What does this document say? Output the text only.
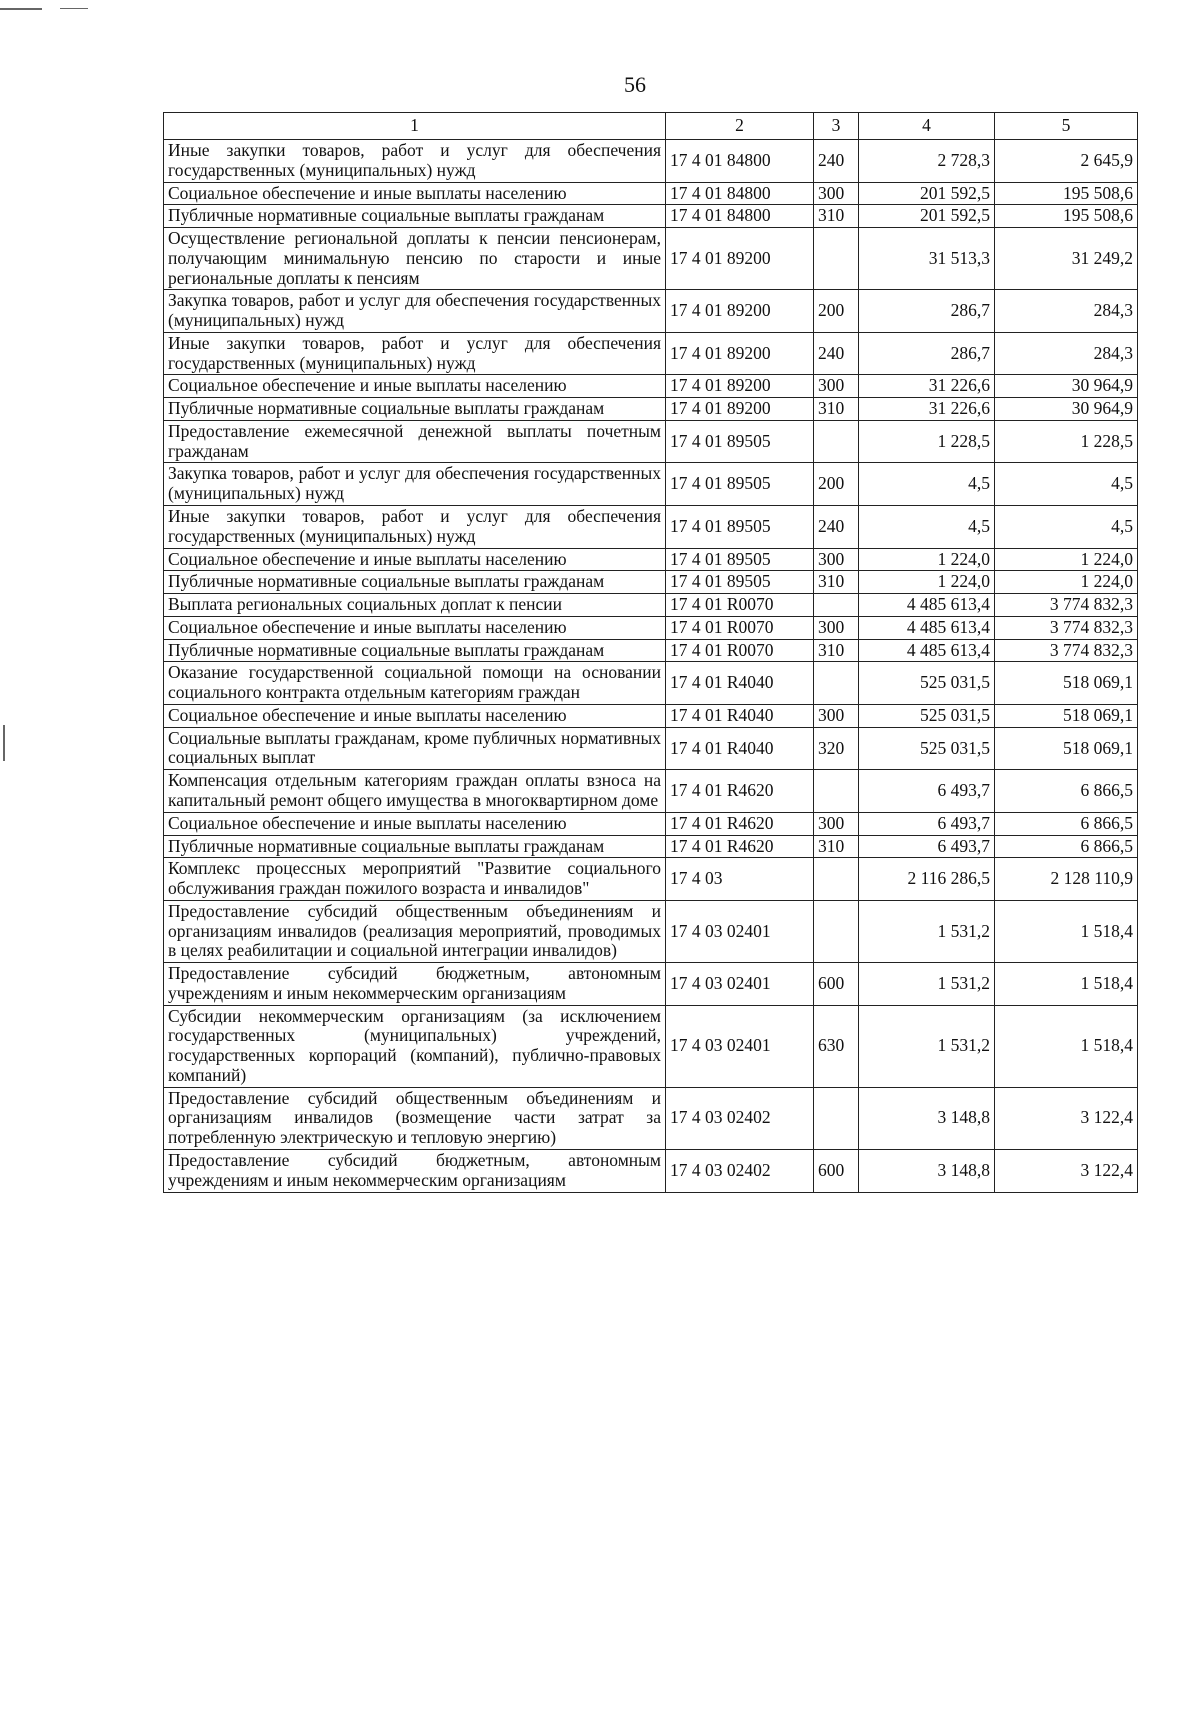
56
1	2	3	4	5
Иные закупки товаров, работ и услуг для обеспечения государственных (муниципальных) нужд	17 4 01 84800	240	2 728,3	2 645,9
Социальное обеспечение и иные выплаты населению	17 4 01 84800	300	201 592,5	195 508,6
Публичные нормативные социальные выплаты гражданам	17 4 01 84800	310	201 592,5	195 508,6
Осуществление региональной доплаты к пенсии пенсионерам, получающим минимальную пенсию по старости и иные региональные доплаты к пенсиям	17 4 01 89200		31 513,3	31 249,2
Закупка товаров, работ и услуг для обеспечения государственных (муниципальных) нужд	17 4 01 89200	200	286,7	284,3
Иные закупки товаров, работ и услуг для обеспечения государственных (муниципальных) нужд	17 4 01 89200	240	286,7	284,3
Социальное обеспечение и иные выплаты населению	17 4 01 89200	300	31 226,6	30 964,9
Публичные нормативные социальные выплаты гражданам	17 4 01 89200	310	31 226,6	30 964,9
Предоставление ежемесячной денежной выплаты почетным гражданам	17 4 01 89505		1 228,5	1 228,5
Закупка товаров, работ и услуг для обеспечения государственных (муниципальных) нужд	17 4 01 89505	200	4,5	4,5
Иные закупки товаров, работ и услуг для обеспечения государственных (муниципальных) нужд	17 4 01 89505	240	4,5	4,5
Социальное обеспечение и иные выплаты населению	17 4 01 89505	300	1 224,0	1 224,0
Публичные нормативные социальные выплаты гражданам	17 4 01 89505	310	1 224,0	1 224,0
Выплата региональных социальных доплат к пенсии	17 4 01 R0070		4 485 613,4	3 774 832,3
Социальное обеспечение и иные выплаты населению	17 4 01 R0070	300	4 485 613,4	3 774 832,3
Публичные нормативные социальные выплаты гражданам	17 4 01 R0070	310	4 485 613,4	3 774 832,3
Оказание государственной социальной помощи на основании социального контракта отдельным категориям граждан	17 4 01 R4040		525 031,5	518 069,1
Социальное обеспечение и иные выплаты населению	17 4 01 R4040	300	525 031,5	518 069,1
Социальные выплаты гражданам, кроме публичных нормативных социальных выплат	17 4 01 R4040	320	525 031,5	518 069,1
Компенсация отдельным категориям граждан оплаты взноса на капитальный ремонт общего имущества в многоквартирном доме	17 4 01 R4620		6 493,7	6 866,5
Социальное обеспечение и иные выплаты населению	17 4 01 R4620	300	6 493,7	6 866,5
Публичные нормативные социальные выплаты гражданам	17 4 01 R4620	310	6 493,7	6 866,5
Комплекс процессных мероприятий "Развитие социального обслуживания граждан пожилого возраста и инвалидов"	17 4 03		2 116 286,5	2 128 110,9
Предоставление субсидий общественным объединениям и организациям инвалидов (реализация мероприятий, проводимых в целях реабилитации и социальной интеграции инвалидов)	17 4 03 02401		1 531,2	1 518,4
Предоставление субсидий бюджетным, автономным учреждениям и иным некоммерческим организациям	17 4 03 02401	600	1 531,2	1 518,4
Субсидии некоммерческим организациям (за исключением государственных (муниципальных) учреждений, государственных корпораций (компаний), публично-правовых компаний)	17 4 03 02401	630	1 531,2	1 518,4
Предоставление субсидий общественным объединениям и организациям инвалидов (возмещение части затрат за потребленную электрическую и тепловую энергию)	17 4 03 02402		3 148,8	3 122,4
Предоставление субсидий бюджетным, автономным учреждениям и иным некоммерческим организациям	17 4 03 02402	600	3 148,8	3 122,4
